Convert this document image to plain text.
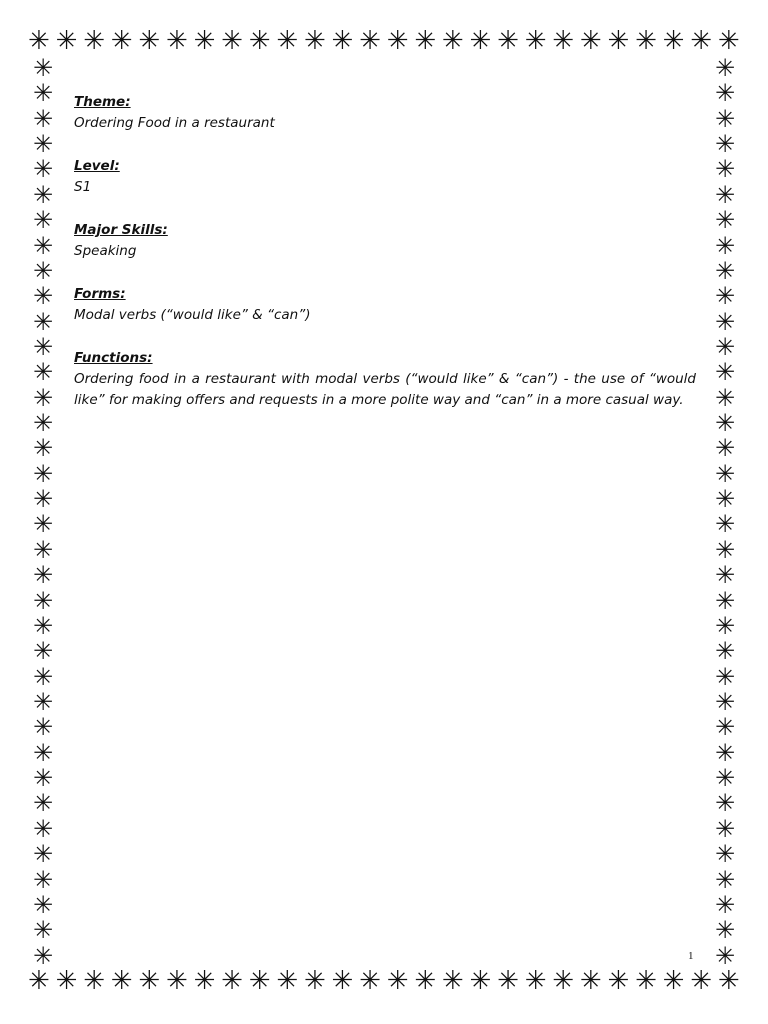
✳ ✳ ✳ ✳ ✳ ✳ ✳ ✳ ✳ ✳ ✳ ✳ ✳ ✳ ✳ ✳ ✳ ✳ ✳ ✳ ✳ ✳ ✳ ✳ ✳ ✳
✳
✳
✳
✳
✳
✳
✳
✳
✳
✳
✳
✳
✳
✳
✳
✳
✳
✳
✳
✳
✳
✳
✳
✳
✳
✳
✳
✳
✳
✳
✳
✳
✳
✳
✳
✳
✳
✳
✳
✳
✳
✳
✳
✳
✳
✳
✳
✳
✳
✳
✳
✳
✳
✳
✳
✳
✳
✳
✳
✳
✳
✳
✳
✳
✳
✳
✳
✳
✳
✳
✳
✳
✳ ✳ ✳ ✳ ✳ ✳ ✳ ✳ ✳ ✳ ✳ ✳ ✳ ✳ ✳ ✳ ✳ ✳ ✳ ✳ ✳ ✳ ✳ ✳ ✳ ✳
Theme:

Ordering Food in a restaurant

Level:

S1

Major Skills:

Speaking

Forms:

Modal verbs (“would like” & “can”)

Functions:

Ordering food in a restaurant with modal verbs (“would like” & “can”) - the use of “would like” for making offers and requests in a more polite way and “can” in a more casual way.

1
